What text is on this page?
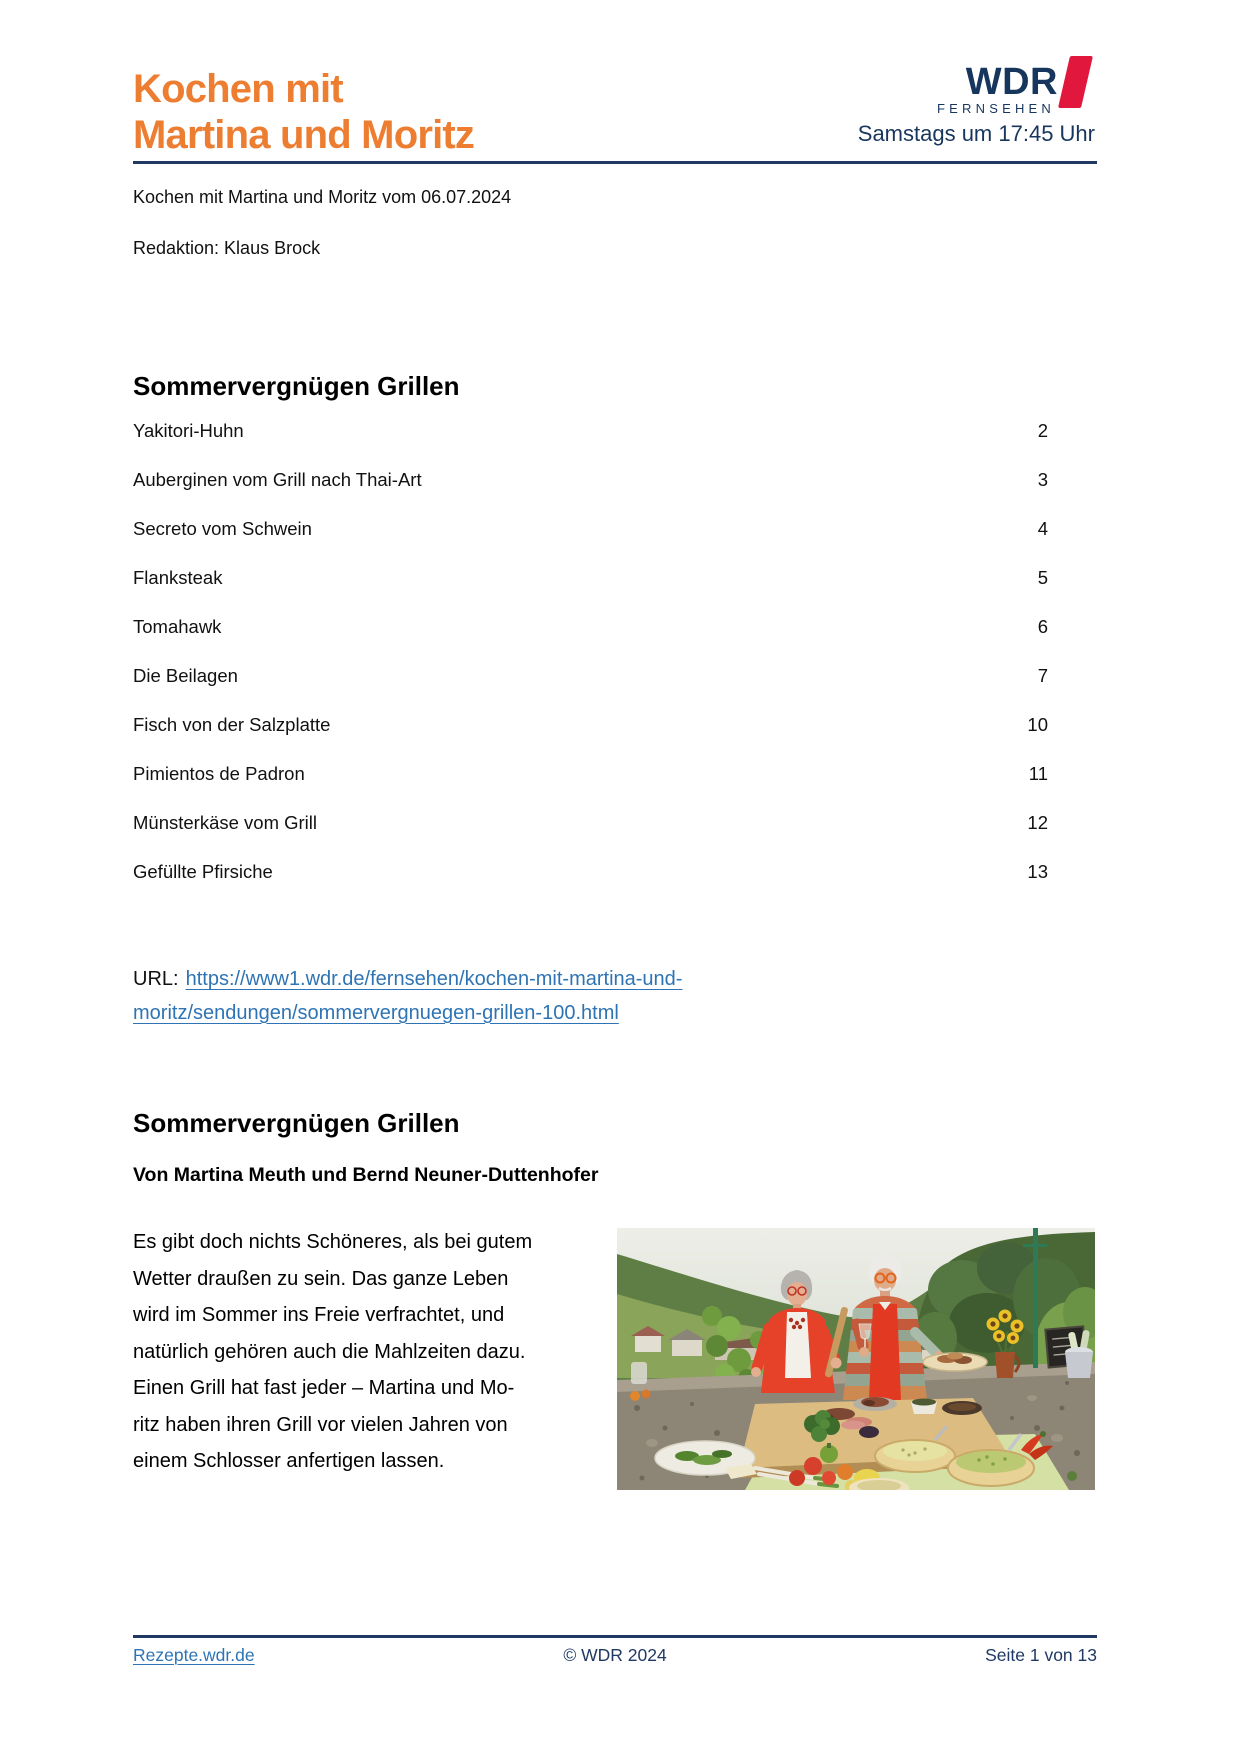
Kochen mit
Martina und Moritz
WDR
FERNSEHEN
Samstags um 17:45 Uhr
Kochen mit Martina und Moritz vom 06.07.2024
Redaktion: Klaus Brock
Sommervergnügen Grillen
Yakitori-Huhn	2
Auberginen vom Grill nach Thai-Art	3
Secreto vom Schwein	4
Flanksteak	5
Tomahawk	6
Die Beilagen	7
Fisch von der Salzplatte	10
Pimientos de Padron	11
Münsterkäse vom Grill	12
Gefüllte Pfirsiche	13
URL: https://www1.wdr.de/fernsehen/kochen-mit-martina-und-
moritz/sendungen/sommervergnuegen-grillen-100.html
Sommervergnügen Grillen
Von Martina Meuth und Bernd Neuner-Duttenhofer
Es gibt doch nichts Schöneres, als bei gutem
Wetter draußen zu sein. Das ganze Leben
wird im Sommer ins Freie verfrachtet, und
natürlich gehören auch die Mahlzeiten dazu.
Einen Grill hat fast jeder – Martina und Mo-
ritz haben ihren Grill vor vielen Jahren von
einem Schlosser anfertigen lassen.
Rezepte.wdr.de	© WDR 2024	Seite 1 von 13
